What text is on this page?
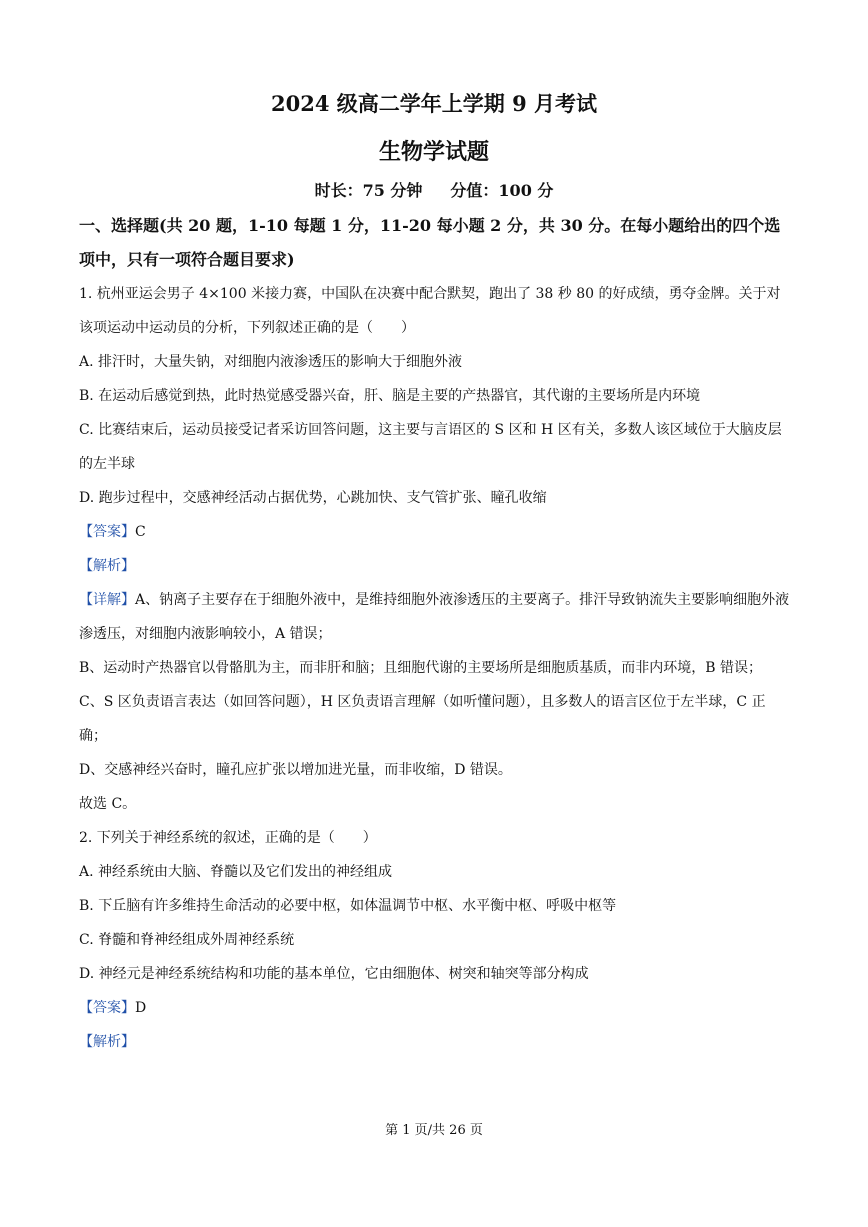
2024 级高二学年上学期 9 月考试
生物学试题
时长：75 分钟 分值：100 分

一、选择题(共 20 题，1-10 每题 1 分，11-20 每小题 2 分，共 30 分。在每小题给出的四个选项中，只有一项符合题目要求)

1. 杭州亚运会男子 4×100 米接力赛，中国队在决赛中配合默契，跑出了 38 秒 80 的好成绩，勇夺金牌。关于对该项运动中运动员的分析，下列叙述正确的是（　　）

A. 排汗时，大量失钠，对细胞内液渗透压的影响大于细胞外液

B. 在运动后感觉到热，此时热觉感受器兴奋，肝、脑是主要的产热器官，其代谢的主要场所是内环境

C. 比赛结束后，运动员接受记者采访回答问题，这主要与言语区的 S 区和 H 区有关，多数人该区域位于大脑皮层的左半球

D. 跑步过程中，交感神经活动占据优势，心跳加快、支气管扩张、瞳孔收缩

【答案】C

【解析】

【详解】A、钠离子主要存在于细胞外液中，是维持细胞外液渗透压的主要离子。排汗导致钠流失主要影响细胞外液渗透压，对细胞内液影响较小，A 错误；

B、运动时产热器官以骨骼肌为主，而非肝和脑；且细胞代谢的主要场所是细胞质基质，而非内环境，B 错误；

C、S 区负责语言表达（如回答问题），H 区负责语言理解（如听懂问题），且多数人的语言区位于左半球，C 正确；

D、交感神经兴奋时，瞳孔应扩张以增加进光量，而非收缩，D 错误。

故选 C。

2. 下列关于神经系统的叙述，正确的是（　　）

A. 神经系统由大脑、脊髓以及它们发出的神经组成

B. 下丘脑有许多维持生命活动的必要中枢，如体温调节中枢、水平衡中枢、呼吸中枢等

C. 脊髓和脊神经组成外周神经系统

D. 神经元是神经系统结构和功能的基本单位，它由细胞体、树突和轴突等部分构成

【答案】D

【解析】

第 1 页/共 26 页
